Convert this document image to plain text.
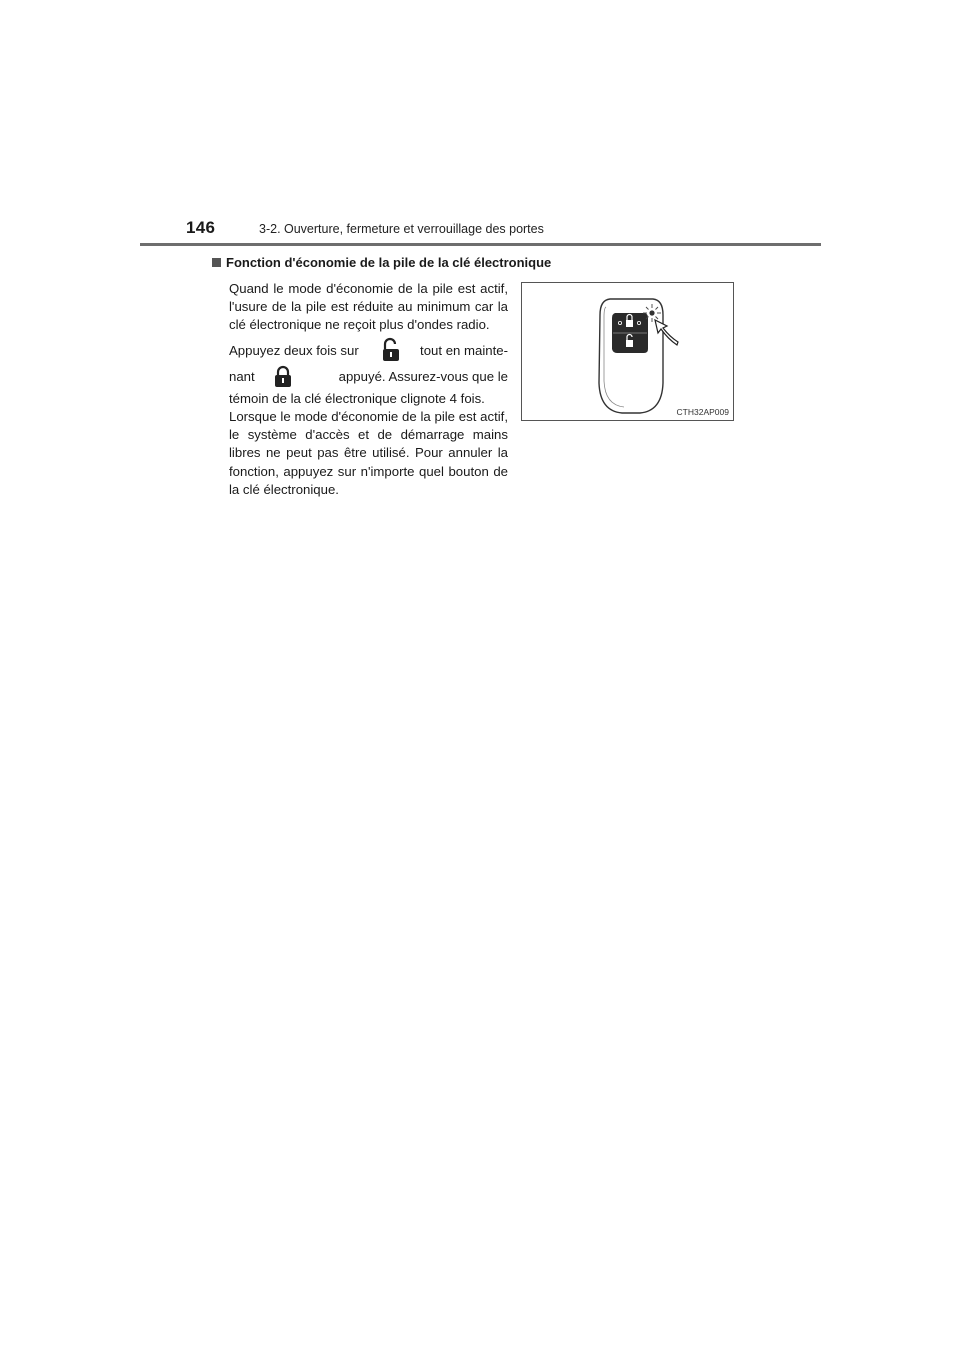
146	3-2. Ouverture, fermeture et verrouillage des portes
Fonction d'économie de la pile de la clé électronique

Quand le mode d'économie de la pile est actif, l'usure de la pile est réduite au minimum car la clé électronique ne reçoit plus d'ondes radio.

Appuyez deux fois sur	tout en mainte-
nant	appuyé. Assurez-vous que le
témoin de la clé électronique clignote 4 fois.

Lorsque le mode d'économie de la pile est actif, le système d'accès et de démarrage mains libres ne peut pas être utilisé. Pour annuler la fonction, appuyez sur n'importe quel bouton de la clé électronique.

CTH32AP009
